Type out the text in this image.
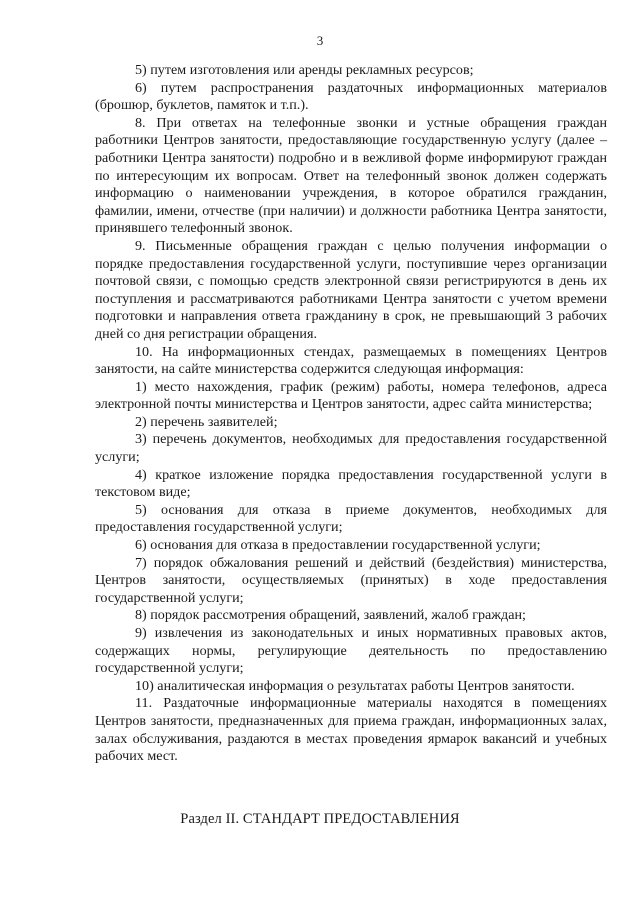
3

5) путем изготовления или аренды рекламных ресурсов;

6) путем распространения раздаточных информационных материалов (брошюр, буклетов, памяток и т.п.).

8. При ответах на телефонные звонки и устные обращения граждан работники Центров занятости, предоставляющие государственную услугу (далее – работники Центра занятости) подробно и в вежливой форме информируют граждан по интересующим их вопросам. Ответ на телефонный звонок должен содержать информацию о наименовании учреждения, в которое обратился гражданин, фамилии, имени, отчестве (при наличии) и должности работника Центра занятости, принявшего телефонный звонок.

9. Письменные обращения граждан с целью получения информации о порядке предоставления государственной услуги, поступившие через организации почтовой связи, с помощью средств электронной связи регистрируются в день их поступления и рассматриваются работниками Центра занятости с учетом времени подготовки и направления ответа гражданину в срок, не превышающий 3 рабочих дней со дня регистрации обращения.

10. На информационных стендах, размещаемых в помещениях Центров занятости, на сайте министерства содержится следующая информация:

1) место нахождения, график (режим) работы, номера телефонов, адреса электронной почты министерства и Центров занятости, адрес сайта министерства;

2) перечень заявителей;

3) перечень документов, необходимых для предоставления государственной услуги;

4) краткое изложение порядка предоставления государственной услуги в текстовом виде;

5) основания для отказа в приеме документов, необходимых для предоставления государственной услуги;

6) основания для отказа в предоставлении государственной услуги;

7) порядок обжалования решений и действий (бездействия) министерства, Центров занятости, осуществляемых (принятых) в ходе предоставления государственной услуги;

8) порядок рассмотрения обращений, заявлений, жалоб граждан;

9) извлечения из законодательных и иных нормативных правовых актов, содержащих нормы, регулирующие деятельность по предоставлению государственной услуги;

10) аналитическая информация о результатах работы Центров занятости.

11. Раздаточные информационные материалы находятся в помещениях Центров занятости, предназначенных для приема граждан, информационных залах, залах обслуживания, раздаются в местах проведения ярмарок вакансий и учебных рабочих мест.

Раздел II. СТАНДАРТ ПРЕДОСТАВЛЕНИЯ
